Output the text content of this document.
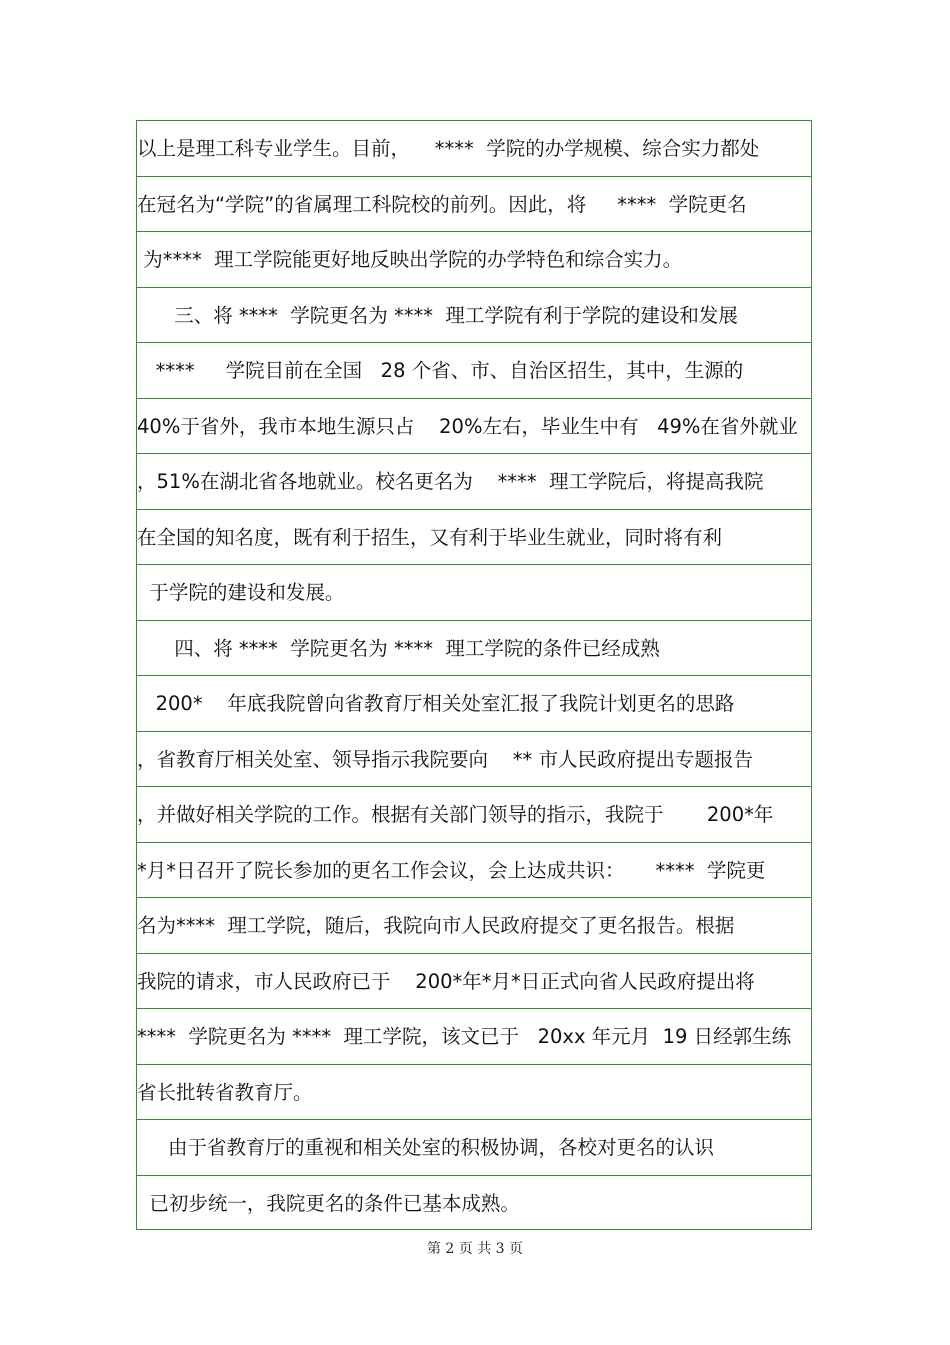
以上是理工科专业学生。目前，    ****  学院的办学规模、综合实力都处
在冠名为“学院”的省属理工科院校的前列。因此，将     ****  学院更名
为****  理工学院能更好地反映出学院的办学特色和综合实力。
三、将 ****  学院更名为 ****  理工学院有利于学院的建设和发展
****     学院目前在全国   28 个省、市、自治区招生，其中，生源的
40%于省外，我市本地生源只占    20%左右，毕业生中有   49%在省外就业
，51%在湖北省各地就业。校名更名为    ****  理工学院后，将提高我院
在全国的知名度，既有利于招生，又有利于毕业生就业，同时将有利
于学院的建设和发展。
四、将 ****  学院更名为 ****  理工学院的条件已经成熟
200*    年底我院曾向省教育厅相关处室汇报了我院计划更名的思路
，省教育厅相关处室、领导指示我院要向    ** 市人民政府提出专题报告
，并做好相关学院的工作。根据有关部门领导的指示，我院于       200*年
*月*日召开了院长参加的更名工作会议，会上达成共识：     ****  学院更
名为****  理工学院，随后，我院向市人民政府提交了更名报告。根据
我院的请求，市人民政府已于    200*年*月*日正式向省人民政府提出将
****  学院更名为 ****  理工学院，该文已于   20xx 年元月  19 日经郭生练
省长批转省教育厅。
由于省教育厅的重视和相关处室的积极协调，各校对更名的认识
已初步统一，我院更名的条件已基本成熟。
第 2 页 共 3 页
